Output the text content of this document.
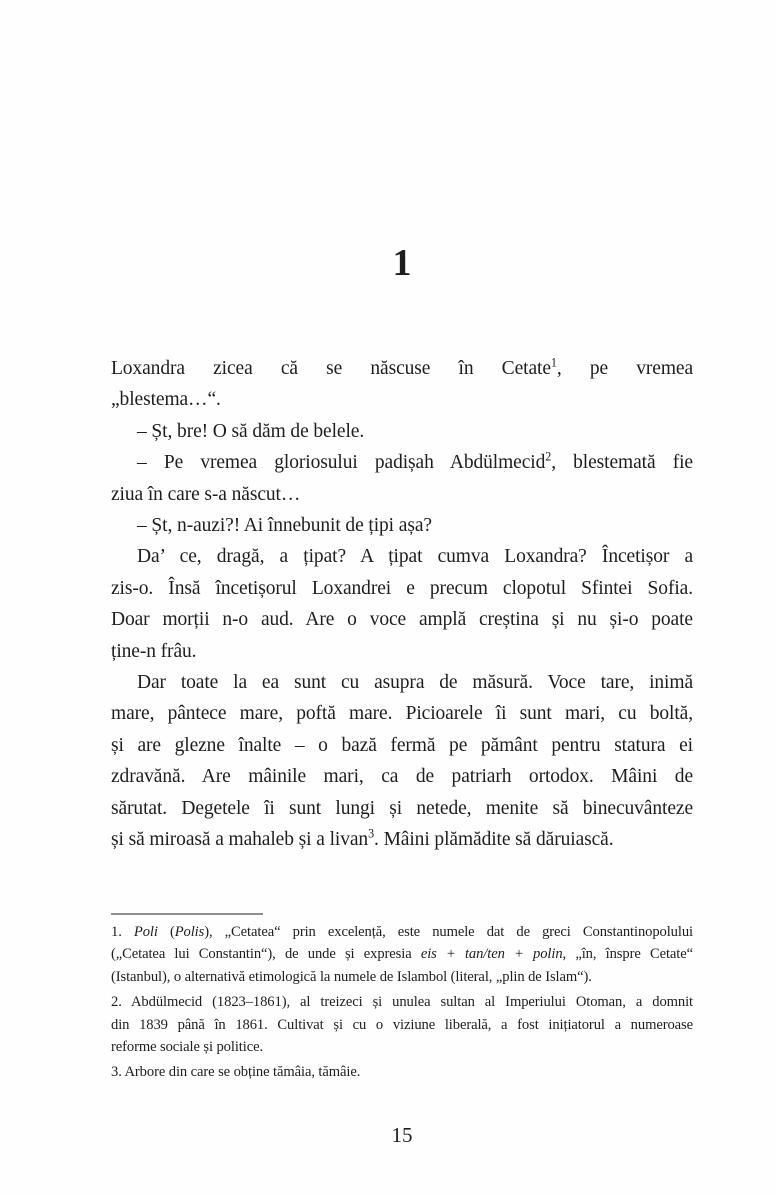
1
Loxandra zicea că se născuse în Cetate$^1$, pe vremea
„blestema…“.
– Șt, bre! O să dăm de belele.
– Pe vremea gloriosului padișah Abdülmecid$^2$, blestemată fie
ziua în care s-a născut…
– Șt, n-auzi?! Ai înnebunit de țipi așa?
Da’ ce, dragă, a țipat? A țipat cumva Loxandra? Încetișor a
zis-o. Însă încetișorul Loxandrei e precum clopotul Sfintei Sofia.
Doar morții n-o aud. Are o voce amplă creștina și nu și-o poate
ține-n frâu.
Dar toate la ea sunt cu asupra de măsură. Voce tare, inimă
mare, pântece mare, poftă mare. Picioarele îi sunt mari, cu boltă,
și are glezne înalte – o bază fermă pe pământ pentru statura ei
zdravănă. Are mâinile mari, ca de patriarh ortodox. Mâini de
sărutat. Degetele îi sunt lungi și netede, menite să binecuvânteze
și să miroasă a mahaleb și a livan$^3$. Mâini plămădite să dăruiască.
1. Poli (Polis), „Cetatea“ prin excelență, este numele dat de greci Constantinopolului
(„Cetatea lui Constantin“), de unde și expresia eis + tan/ten + polin, „în, înspre Cetate“
(Istanbul), o alternativă etimologică la numele de Islambol (literal, „plin de Islam“).
2. Abdülmecid (1823–1861), al treizeci și unulea sultan al Imperiului Otoman, a domnit
din 1839 până în 1861. Cultivat și cu o viziune liberală, a fost inițiatorul a numeroase
reforme sociale și politice.
3. Arbore din care se obține tămâia, tămâie.
15
